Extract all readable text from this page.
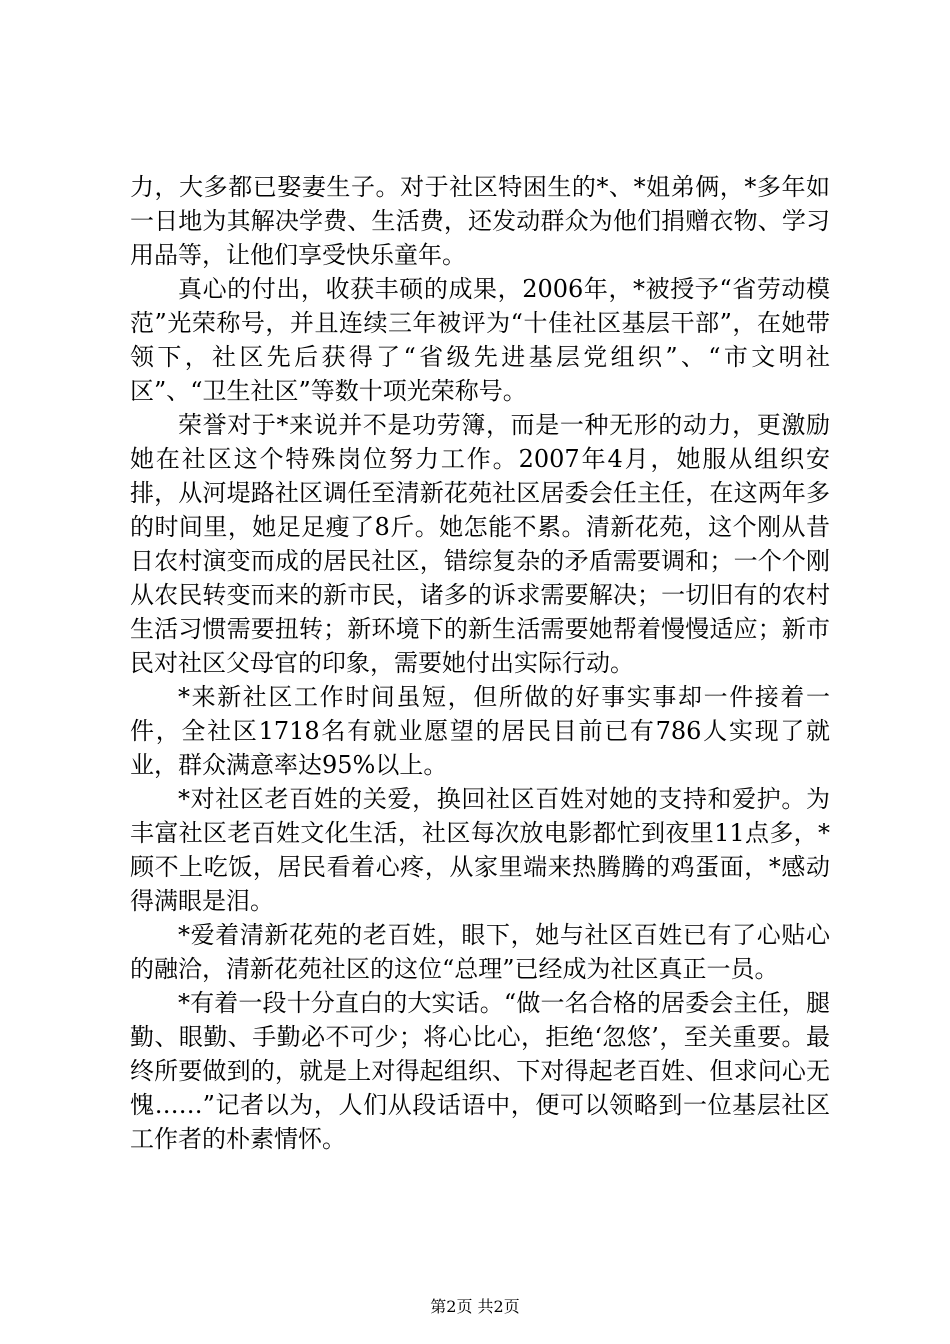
力，大多都已娶妻生子。对于社区特困生的*、*姐弟俩，*多年如一日地为其解决学费、生活费，还发动群众为他们捐赠衣物、学习用品等，让他们享受快乐童年。

真心的付出，收获丰硕的成果，2006年，*被授予“省劳动模范”光荣称号，并且连续三年被评为“十佳社区基层干部”，在她带领下，社区先后获得了“省级先进基层党组织”、“市文明社区”、“卫生社区”等数十项光荣称号。

荣誉对于*来说并不是功劳簿，而是一种无形的动力，更激励她在社区这个特殊岗位努力工作。2007年4月，她服从组织安排，从河堤路社区调任至清新花苑社区居委会任主任，在这两年多的时间里，她足足瘦了8斤。她怎能不累。清新花苑，这个刚从昔日农村演变而成的居民社区，错综复杂的矛盾需要调和；一个个刚从农民转变而来的新市民，诸多的诉求需要解决；一切旧有的农村生活习惯需要扭转；新环境下的新生活需要她帮着慢慢适应；新市民对社区父母官的印象，需要她付出实际行动。

*来新社区工作时间虽短，但所做的好事实事却一件接着一件，全社区1718名有就业愿望的居民目前已有786人实现了就业，群众满意率达95%以上。

*对社区老百姓的关爱，换回社区百姓对她的支持和爱护。为丰富社区老百姓文化生活，社区每次放电影都忙到夜里11点多，*顾不上吃饭，居民看着心疼，从家里端来热腾腾的鸡蛋面，*感动得满眼是泪。

*爱着清新花苑的老百姓，眼下，她与社区百姓已有了心贴心的融洽，清新花苑社区的这位“总理”已经成为社区真正一员。

*有着一段十分直白的大实话。“做一名合格的居委会主任，腿勤、眼勤、手勤必不可少；将心比心，拒绝‘忽悠’，至关重要。最终所要做到的，就是上对得起组织、下对得起老百姓、但求问心无愧……”记者以为，人们从段话语中，便可以领略到一位基层社区工作者的朴素情怀。

第2页 共2页
